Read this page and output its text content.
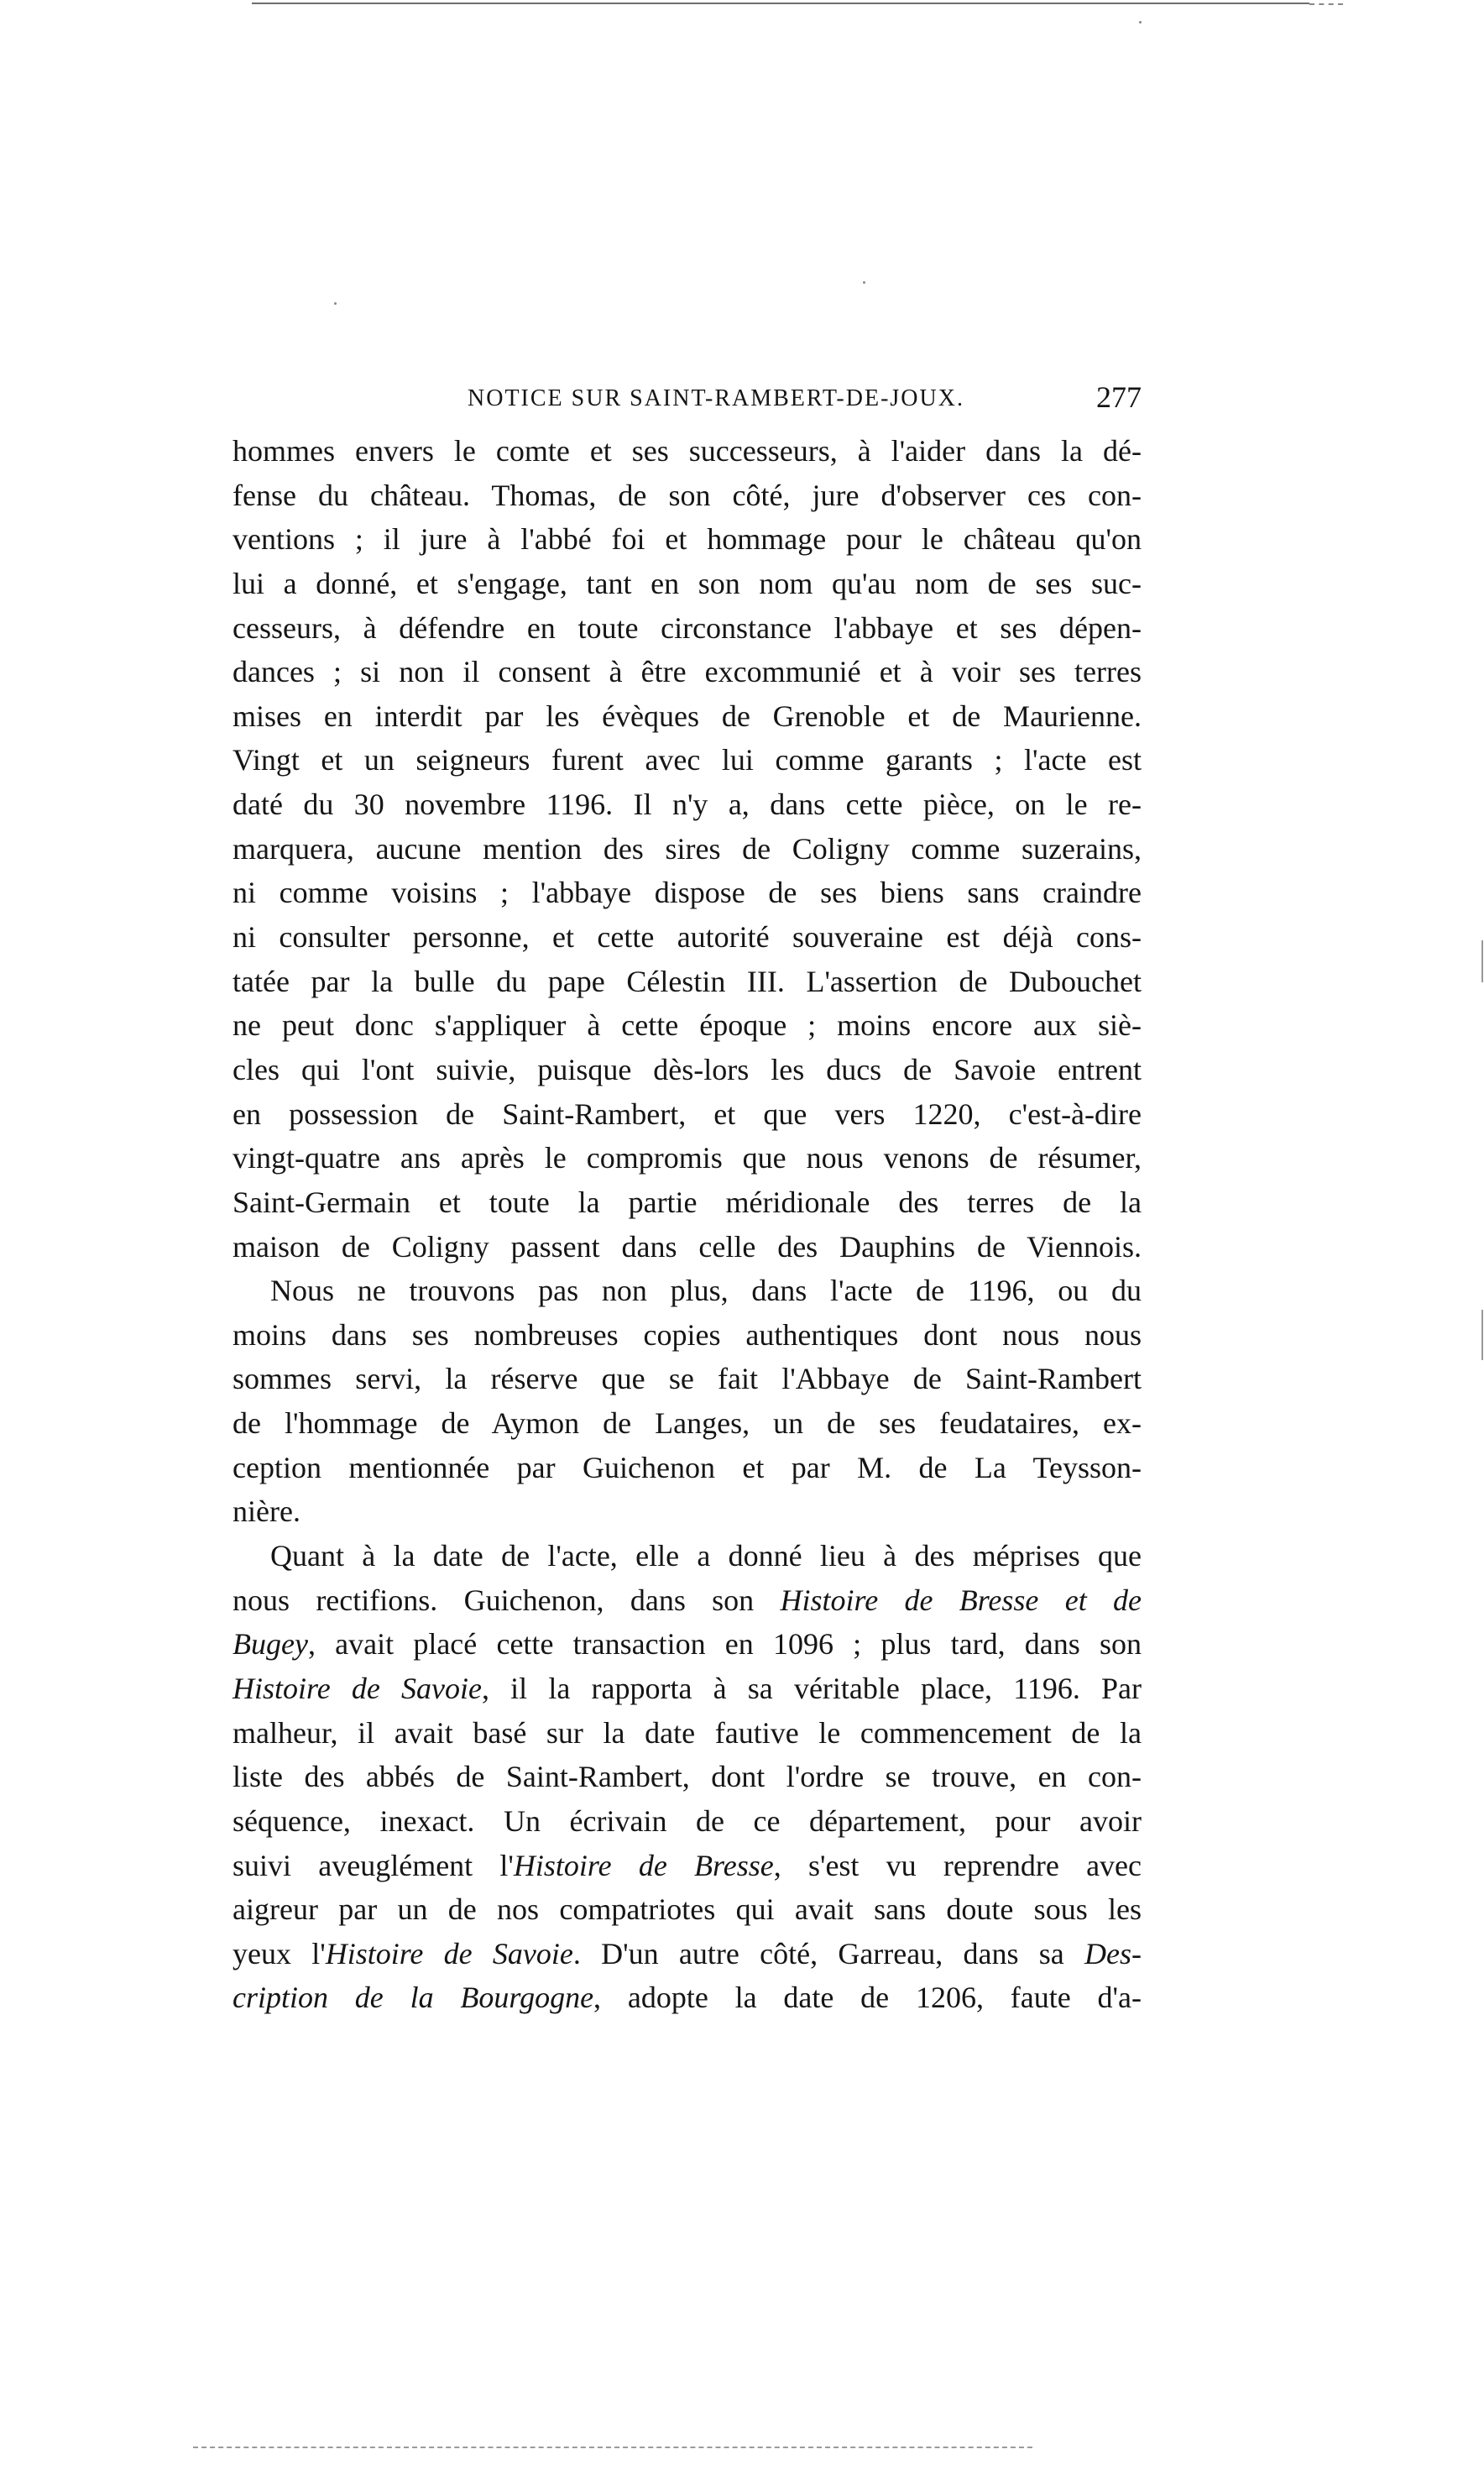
NOTICE SUR SAINT-RAMBERT-DE-JOUX.	277
hommes envers le comte et ses successeurs, à l'aider dans la dé-
fense du château. Thomas, de son côté, jure d'observer ces con-
ventions ; il jure à l'abbé foi et hommage pour le château qu'on
lui a donné, et s'engage, tant en son nom qu'au nom de ses suc-
cesseurs, à défendre en toute circonstance l'abbaye et ses dépen-
dances ; si non il consent à être excommunié et à voir ses terres
mises en interdit par les évèques de Grenoble et de Maurienne.
Vingt et un seigneurs furent avec lui comme garants ; l'acte est
daté du 30 novembre 1196. Il n'y a, dans cette pièce, on le re-
marquera, aucune mention des sires de Coligny comme suzerains,
ni comme voisins ; l'abbaye dispose de ses biens sans craindre
ni consulter personne, et cette autorité souveraine est déjà cons-
tatée par la bulle du pape Célestin III. L'assertion de Dubouchet
ne peut donc s'appliquer à cette époque ; moins encore aux siè-
cles qui l'ont suivie, puisque dès-lors les ducs de Savoie entrent
en possession de Saint-Rambert, et que vers 1220, c'est-à-dire
vingt-quatre ans après le compromis que nous venons de résumer,
Saint-Germain et toute la partie méridionale des terres de la
maison de Coligny passent dans celle des Dauphins de Viennois.
Nous ne trouvons pas non plus, dans l'acte de 1196, ou du
moins dans ses nombreuses copies authentiques dont nous nous
sommes servi, la réserve que se fait l'Abbaye de Saint-Rambert
de l'hommage de Aymon de Langes, un de ses feudataires, ex-
ception mentionnée par Guichenon et par M. de La Teysson-
nière.
Quant à la date de l'acte, elle a donné lieu à des méprises que
nous rectifions. Guichenon, dans son Histoire de Bresse et de
Bugey, avait placé cette transaction en 1096 ; plus tard, dans son
Histoire de Savoie, il la rapporta à sa véritable place, 1196. Par
malheur, il avait basé sur la date fautive le commencement de la
liste des abbés de Saint-Rambert, dont l'ordre se trouve, en con-
séquence, inexact. Un écrivain de ce département, pour avoir
suivi aveuglément l'Histoire de Bresse, s'est vu reprendre avec
aigreur par un de nos compatriotes qui avait sans doute sous les
yeux l'Histoire de Savoie. D'un autre côté, Garreau, dans sa Des-
cription de la Bourgogne, adopte la date de 1206, faute d'a-
